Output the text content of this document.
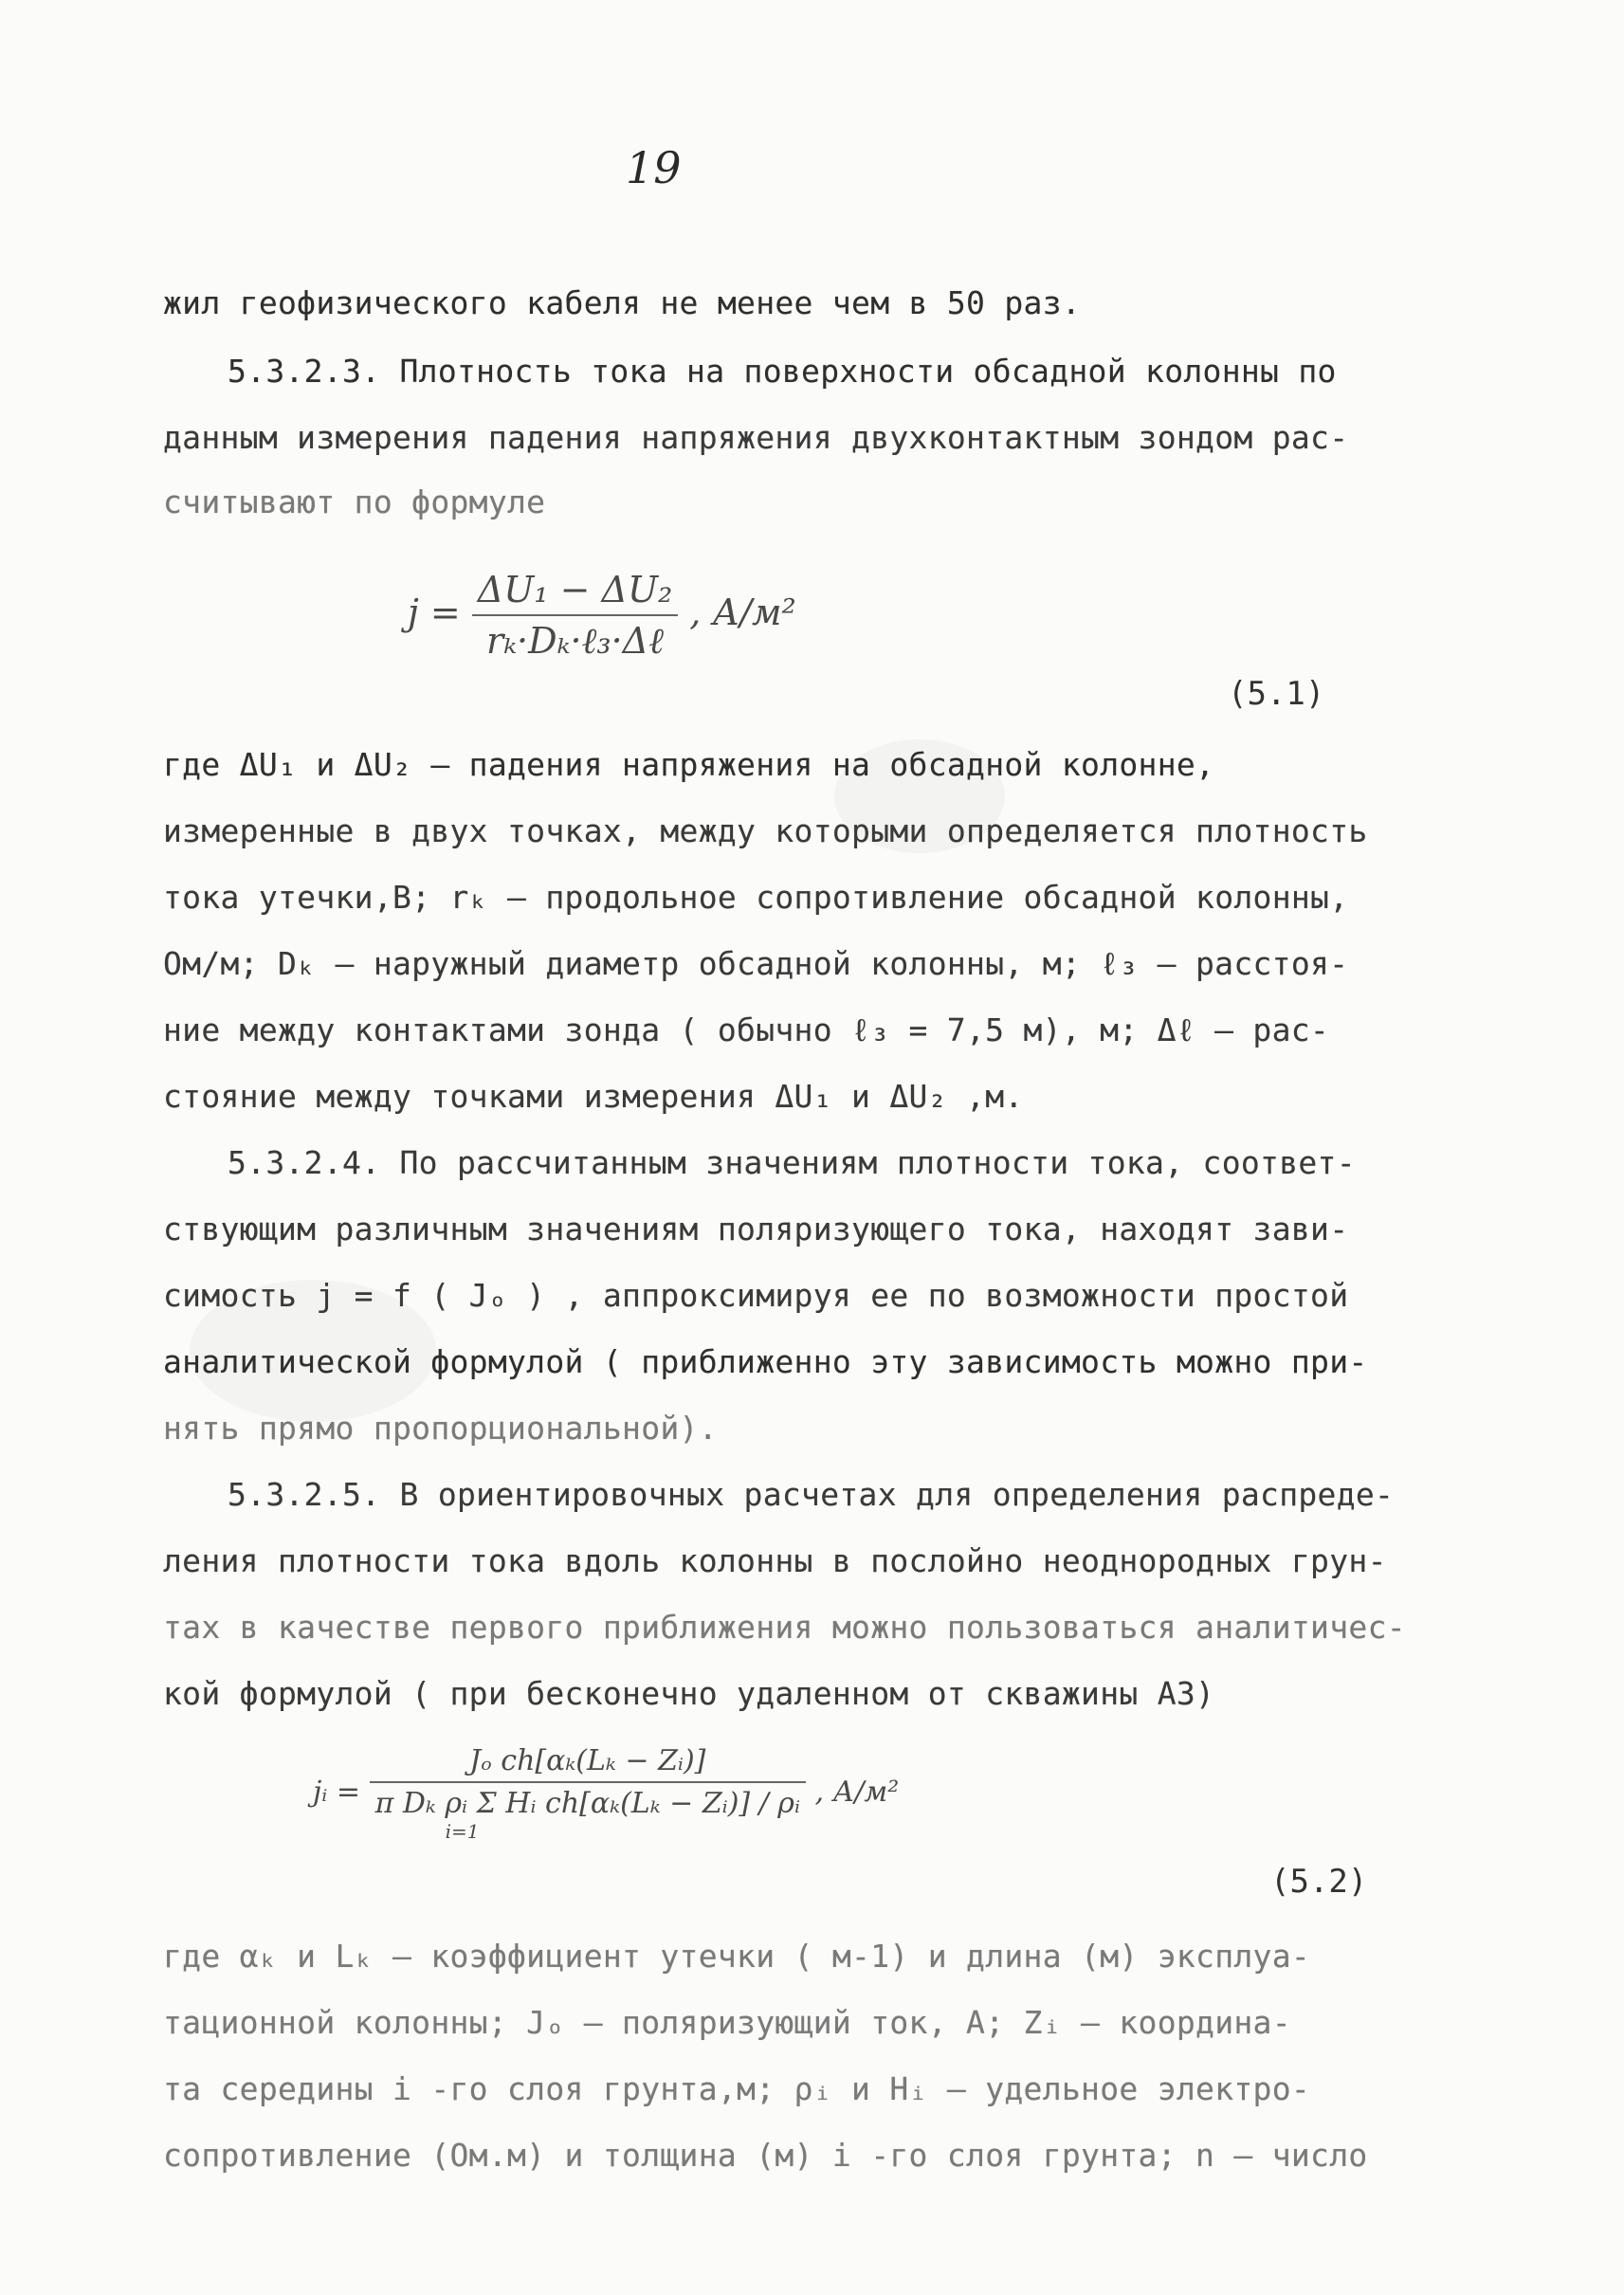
19
жил геофизического кабеля не менее чем в 50 раз.
5.3.2.3. Плотность тока на поверхности обсадной колонны по
данным измерения падения напряжения двухконтактным зондом рас-
считывают по формуле
$j = \frac{\text{ΔU₁ − ΔU₂}}{\text{rₖ·Dₖ·ℓ₃·Δℓ}}$ , А/м²
(5.1)
где ΔU₁ и ΔU₂ — падения напряжения на обсадной колонне,
измеренные в двух точках, между которыми определяется плотность
тока утечки,В; rₖ — продольное сопротивление обсадной колонны,
Ом/м; Dₖ — наружный диаметр обсадной колонны, м; ℓ₃ — расстоя-
ние между контактами зонда ( обычно ℓ₃ = 7,5 м), м; Δℓ — рас-
стояние между точками измерения ΔU₁ и ΔU₂ ,м.
5.3.2.4. По рассчитанным значениям плотности тока, соответ-
ствующим различным значениям поляризующего тока, находят зави-
симость j = f ( Jₒ ) , аппроксимируя ее по возможности простой
аналитической формулой ( приближенно эту зависимость можно при-
нять прямо пропорциональной).
5.3.2.5. В ориентировочных расчетах для определения распреде-
ления плотности тока вдоль колонны в послойно неоднородных грун-
тах в качестве первого приближения можно пользоваться аналитичес-
кой формулой ( при бесконечно удаленном от скважины АЗ)
jᵢ =
Jₒ ch[αₖ(Lₖ − Zᵢ)]
π Dₖ ρᵢ Σ Hᵢ ch[αₖ(Lₖ − Zᵢ)] / ρᵢ
i=1
, А/м²
(5.2)
где αₖ и Lₖ — коэффициент утечки ( м-1) и длина (м) эксплуа-
тационной колонны; Jₒ — поляризующий ток, А; Zᵢ — координа-
та середины i -го слоя грунта,м; ρᵢ и Hᵢ — удельное электро-
сопротивление (Ом.м) и толщина (м) i -го слоя грунта; n — число
